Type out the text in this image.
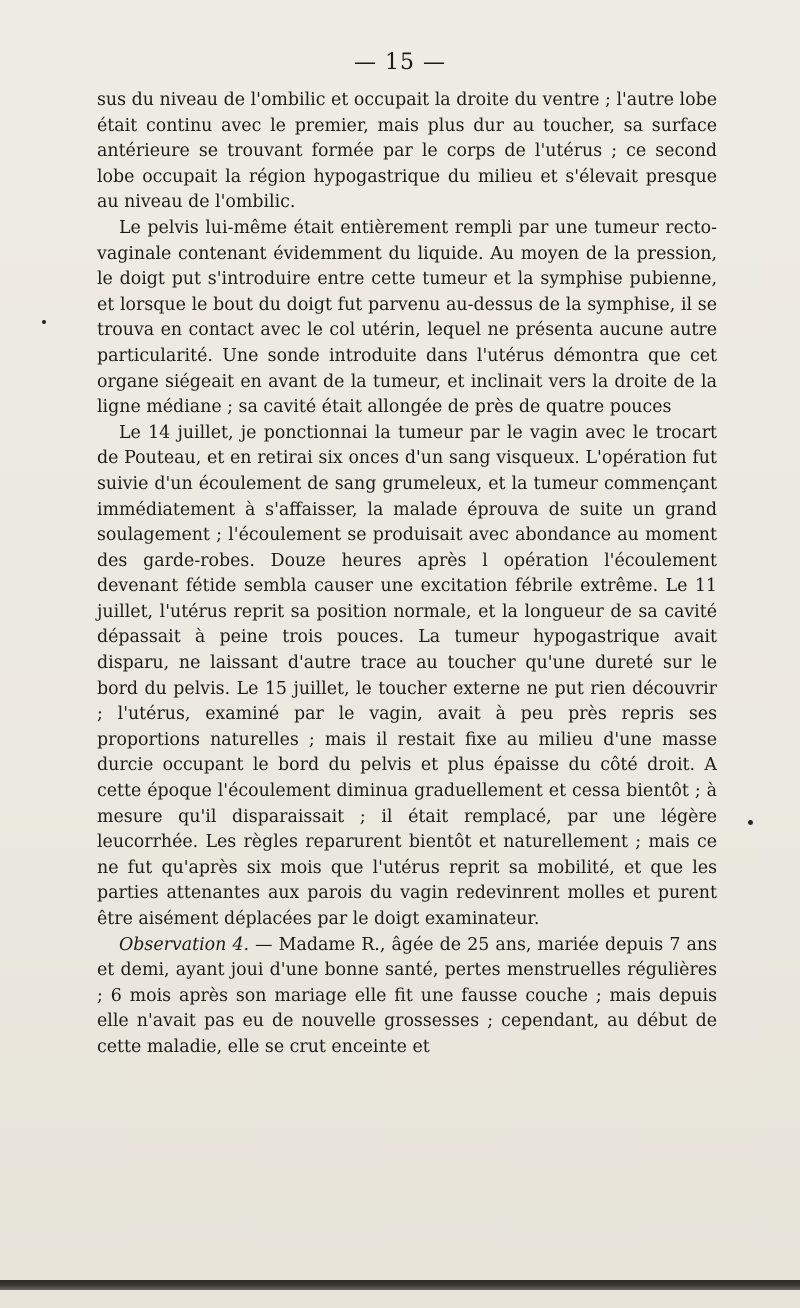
— 15 —

sus du niveau de l'ombilic et occupait la droite du ventre ; l'autre lobe était continu avec le premier, mais plus dur au toucher, sa surface antérieure se trouvant formée par le corps de l'utérus ; ce second lobe occupait la région hypogastrique du milieu et s'élevait presque au niveau de l'ombilic.

Le pelvis lui-même était entièrement rempli par une tumeur recto-vaginale contenant évidemment du liquide. Au moyen de la pression, le doigt put s'introduire entre cette tumeur et la symphise pubienne, et lorsque le bout du doigt fut parvenu au-dessus de la symphise, il se trouva en contact avec le col utérin, lequel ne présenta aucune autre particularité. Une sonde introduite dans l'utérus démontra que cet organe siégeait en avant de la tumeur, et inclinait vers la droite de la ligne médiane ; sa cavité était allongée de près de quatre pouces

Le 14 juillet, je ponctionnai la tumeur par le vagin avec le trocart de Pouteau, et en retirai six onces d'un sang visqueux. L'opération fut suivie d'un écoulement de sang grumeleux, et la tumeur commençant immédiatement à s'affaisser, la malade éprouva de suite un grand soulagement ; l'écoulement se produisait avec abondance au moment des garde-robes. Douze heures après l opération l'écoulement devenant fétide sembla causer une excitation fébrile extrême. Le 11 juillet, l'utérus reprit sa position normale, et la longueur de sa cavité dépassait à peine trois pouces. La tumeur hypogastrique avait disparu, ne laissant d'autre trace au toucher qu'une dureté sur le bord du pelvis. Le 15 juillet, le toucher externe ne put rien découvrir ; l'utérus, examiné par le vagin, avait à peu près repris ses proportions naturelles ; mais il restait fixe au milieu d'une masse durcie occupant le bord du pelvis et plus épaisse du côté droit. A cette époque l'écoulement diminua graduellement et cessa bientôt ; à mesure qu'il disparaissait ; il était remplacé, par une légère leucorrhée. Les règles reparurent bientôt et naturellement ; mais ce ne fut qu'après six mois que l'utérus reprit sa mobilité, et que les parties attenantes aux parois du vagin redevinrent molles et purent être aisément déplacées par le doigt examinateur.

Observation 4. — Madame R., âgée de 25 ans, mariée depuis 7 ans et demi, ayant joui d'une bonne santé, pertes menstruelles régulières ; 6 mois après son mariage elle fit une fausse couche ; mais depuis elle n'avait pas eu de nouvelle grossesses ; cependant, au début de cette maladie, elle se crut enceinte et
